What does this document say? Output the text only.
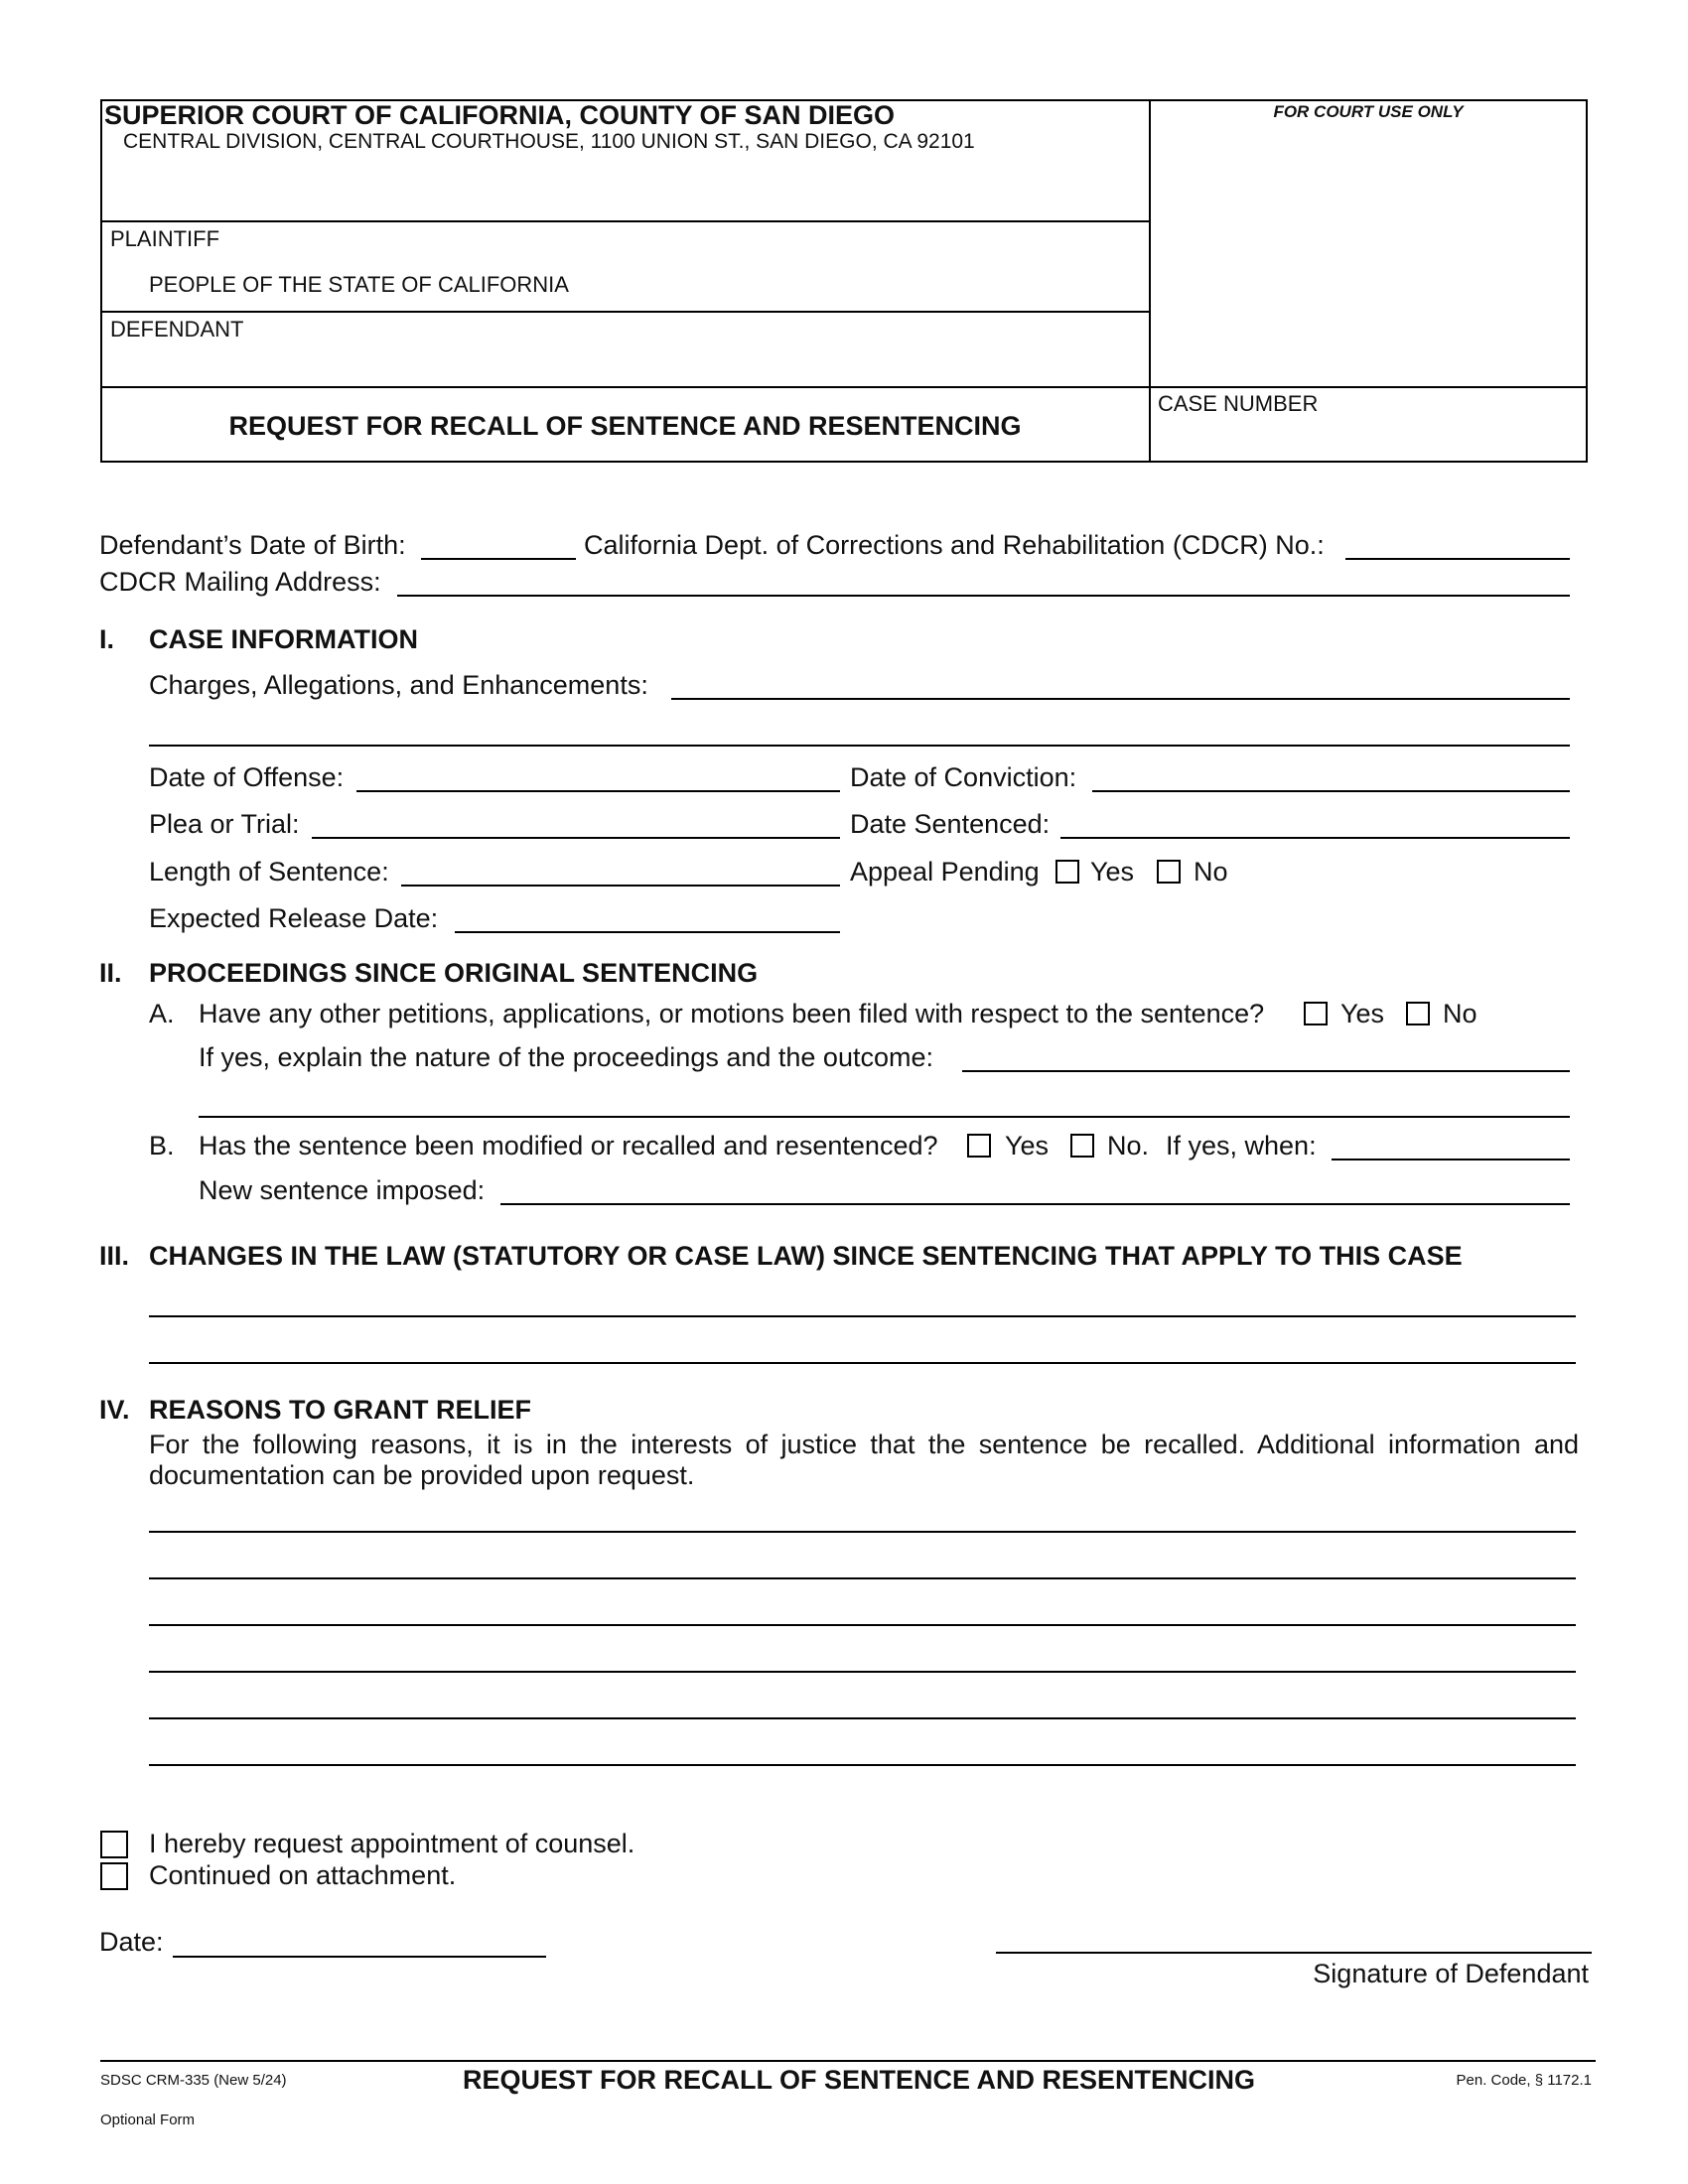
SUPERIOR COURT OF CALIFORNIA, COUNTY OF SAN DIEGO
CENTRAL DIVISION, CENTRAL COURTHOUSE, 1100 UNION ST., SAN DIEGO, CA 92101
FOR COURT USE ONLY
PLAINTIFF
PEOPLE OF THE STATE OF CALIFORNIA
DEFENDANT
REQUEST FOR RECALL OF SENTENCE AND RESENTENCING
CASE NUMBER
Defendant’s Date of Birth:	California Dept. of Corrections and Rehabilitation (CDCR) No.:
CDCR Mailing Address:
I. CASE INFORMATION
Charges, Allegations, and Enhancements:
Date of Offense:	Date of Conviction:
Plea or Trial:	Date Sentenced:
Length of Sentence:	Appeal Pending Yes No
Expected Release Date:
II. PROCEEDINGS SINCE ORIGINAL SENTENCING
A. Have any other petitions, applications, or motions been filed with respect to the sentence?	Yes No
If yes, explain the nature of the proceedings and the outcome:
B. Has the sentence been modified or recalled and resentenced?	Yes No. If yes, when:
New sentence imposed:
III. CHANGES IN THE LAW (STATUTORY OR CASE LAW) SINCE SENTENCING THAT APPLY TO THIS CASE
IV. REASONS TO GRANT RELIEF
For the following reasons, it is in the interests of justice that the sentence be recalled. Additional information and
documentation can be provided upon request.
I hereby request appointment of counsel.
Continued on attachment.
Date:
Signature of Defendant
SDSC CRM-335 (New 5/24)	REQUEST FOR RECALL OF SENTENCE AND RESENTENCING	Pen. Code, § 1172.1
Optional Form
